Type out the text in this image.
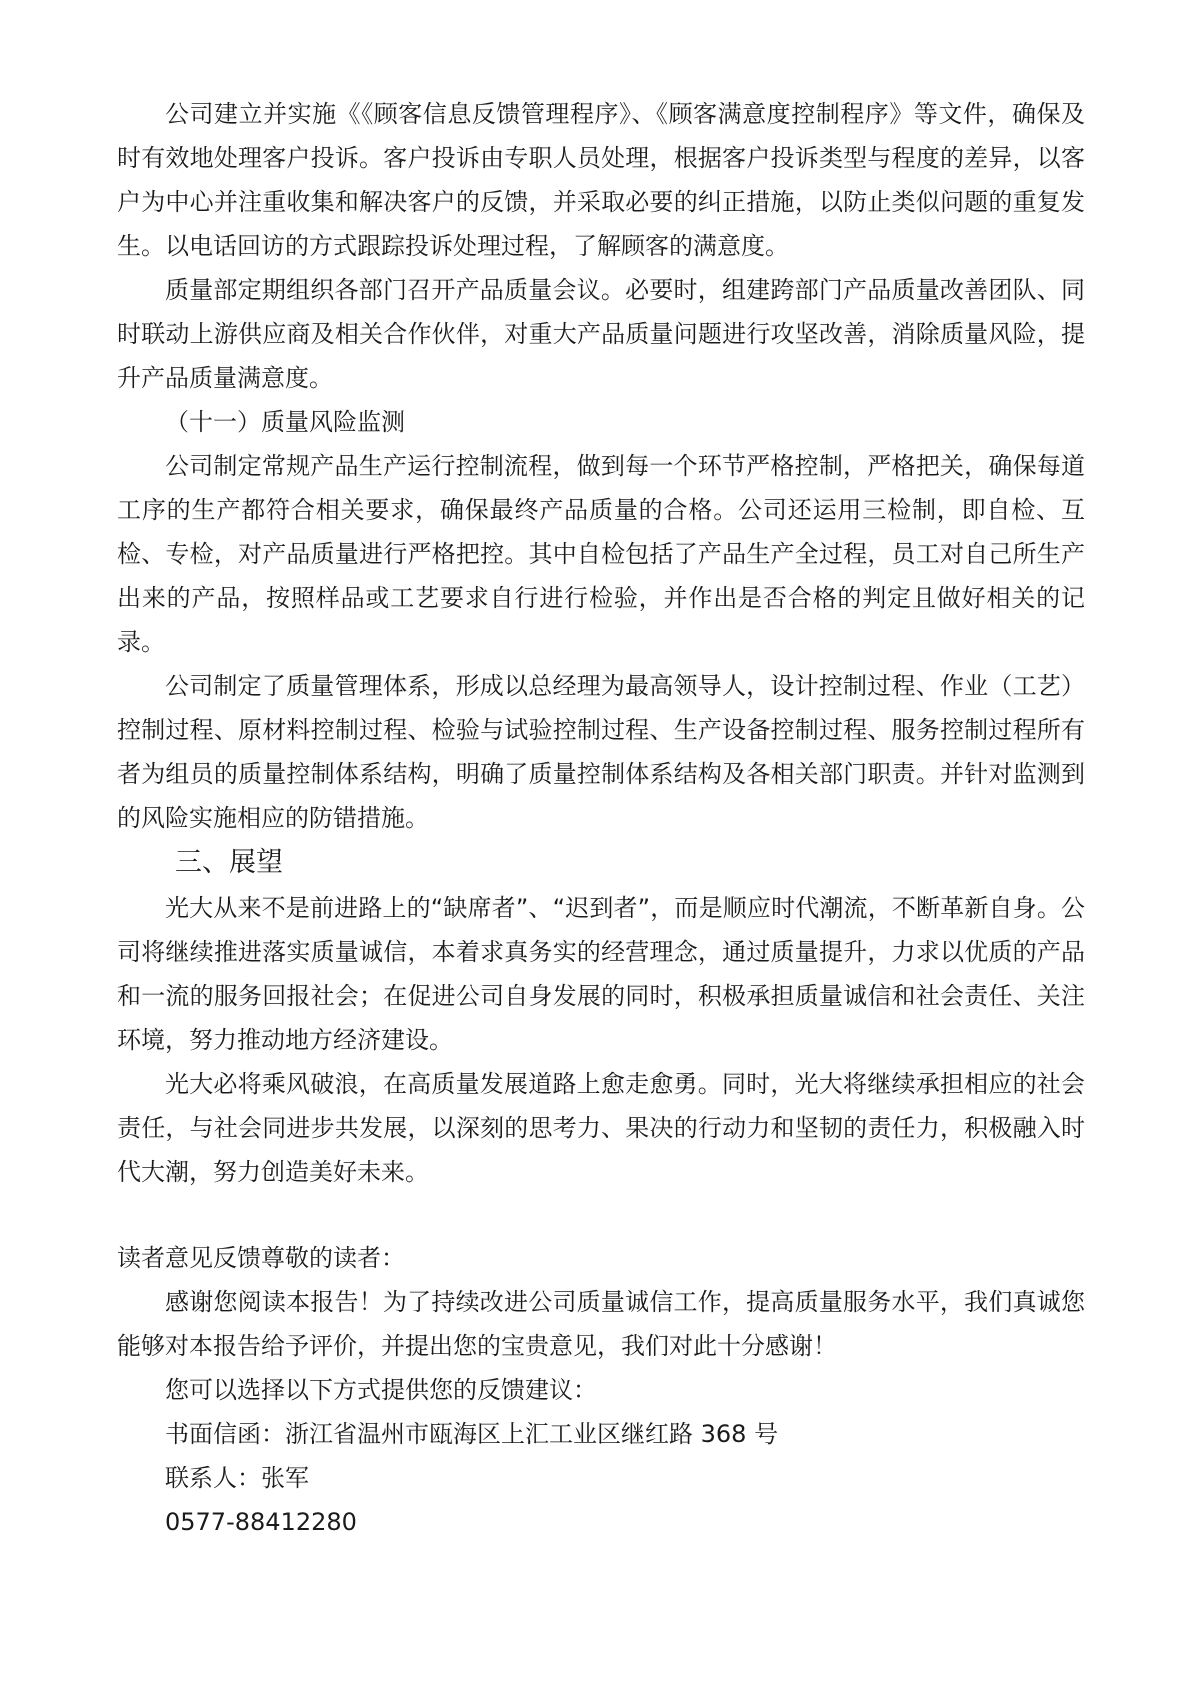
公司建立并实施《《顾客信息反馈管理程序》、《顾客满意度控制程序》等文件，确保及时有效地处理客户投诉。客户投诉由专职人员处理，根据客户投诉类型与程度的差异，以客户为中心并注重收集和解决客户的反馈，并采取必要的纠正措施，以防止类似问题的重复发生。以电话回访的方式跟踪投诉处理过程，了解顾客的满意度。

质量部定期组织各部门召开产品质量会议。必要时，组建跨部门产品质量改善团队、同时联动上游供应商及相关合作伙伴，对重大产品质量问题进行攻坚改善，消除质量风险，提升产品质量满意度。

（十一）质量风险监测

公司制定常规产品生产运行控制流程，做到每一个环节严格控制，严格把关，确保每道工序的生产都符合相关要求，确保最终产品质量的合格。公司还运用三检制，即自检、互检、专检，对产品质量进行严格把控。其中自检包括了产品生产全过程，员工对自己所生产出来的产品，按照样品或工艺要求自行进行检验，并作出是否合格的判定且做好相关的记录。

公司制定了质量管理体系，形成以总经理为最高领导人，设计控制过程、作业（工艺）控制过程、原材料控制过程、检验与试验控制过程、生产设备控制过程、服务控制过程所有者为组员的质量控制体系结构，明确了质量控制体系结构及各相关部门职责。并针对监测到的风险实施相应的防错措施。

三、展望

光大从来不是前进路上的“缺席者”、“迟到者”，而是顺应时代潮流，不断革新自身。公司将继续推进落实质量诚信，本着求真务实的经营理念，通过质量提升，力求以优质的产品和一流的服务回报社会；在促进公司自身发展的同时，积极承担质量诚信和社会责任、关注环境，努力推动地方经济建设。

光大必将乘风破浪，在高质量发展道路上愈走愈勇。同时，光大将继续承担相应的社会责任，与社会同进步共发展，以深刻的思考力、果决的行动力和坚韧的责任力，积极融入时代大潮，努力创造美好未来。

读者意见反馈尊敬的读者：

感谢您阅读本报告！为了持续改进公司质量诚信工作，提高质量服务水平，我们真诚您能够对本报告给予评价，并提出您的宝贵意见，我们对此十分感谢！

您可以选择以下方式提供您的反馈建议：

书面信函：浙江省温州市瓯海区上汇工业区继红路 368 号

联系人：张军

0577-88412280
